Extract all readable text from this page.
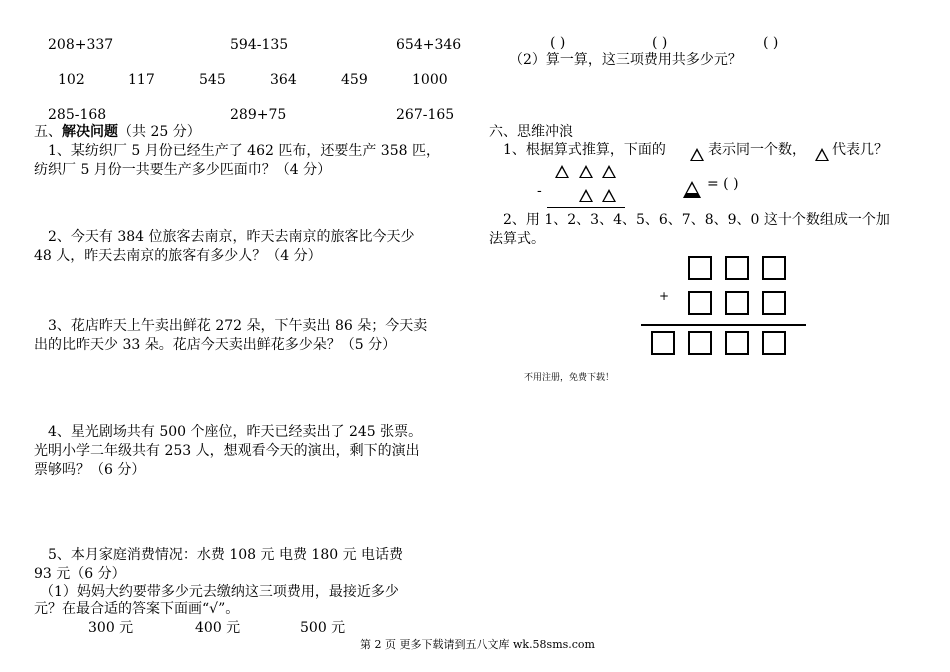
208+337	594-135	654+346
102	117	545	364	459	1000
285-168	289+75	267-165
五、解决问题（共 25 分）
1、某纺织厂 5 月份已经生产了 462 匹布，还要生产 358 匹，
纺织厂 5 月份一共要生产多少匹面巾？（4 分）
2、今天有 384 位旅客去南京，昨天去南京的旅客比今天少
48 人，昨天去南京的旅客有多少人？（4 分）
3、花店昨天上午卖出鲜花 272 朵，下午卖出 86 朵；今天卖
出的比昨天少 33 朵。花店今天卖出鲜花多少朵？（5 分）
4、星光剧场共有 500 个座位，昨天已经卖出了 245 张票。
光明小学二年级共有 253 人，想观看今天的演出，剩下的演出
票够吗？（6 分）
5、本月家庭消费情况：水费 108 元 电费 180 元 电话费
93 元（6 分）
（1）妈妈大约要带多少元去缴纳这三项费用，最接近多少
元？在最合适的答案下面画“√”。
300 元	400 元	500 元
( )	( )	( )
（2）算一算，这三项费用共多少元？
六、思维冲浪
1、根据算式推算，下面的	表示同一个数， 代表几？
-	= ( )
2、用 1、2、3、4、5、6、7、8、9、0 这十个数组成一个加
法算式。
+
不用注册，免费下载！
第 2 页 更多下载请到五八文库 wk.58sms.com
